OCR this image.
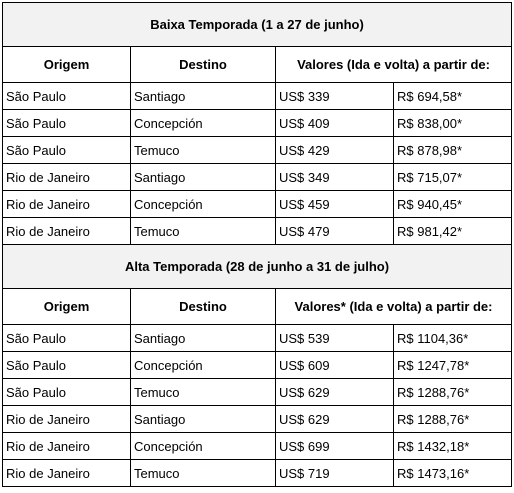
Baixa Temporada (1 a 27 de junho)			
Origem	Destino	Valores (Ida e volta) a partir de:	
São Paulo	Santiago	US$ 339	R$ 694,58*
São Paulo	Concepción	US$ 409	R$ 838,00*
São Paulo	Temuco	US$ 429	R$ 878,98*
Rio de Janeiro	Santiago	US$ 349	R$ 715,07*
Rio de Janeiro	Concepción	US$ 459	R$ 940,45*
Rio de Janeiro	Temuco	US$ 479	R$ 981,42*
Alta Temporada (28 de junho a 31 de julho)			
Origem	Destino	Valores* (Ida e volta) a partir de:	
São Paulo	Santiago	US$ 539	R$ 1104,36*
São Paulo	Concepción	US$ 609	R$ 1247,78*
São Paulo	Temuco	US$ 629	R$ 1288,76*
Rio de Janeiro	Santiago	US$ 629	R$ 1288,76*
Rio de Janeiro	Concepción	US$ 699	R$ 1432,18*
Rio de Janeiro	Temuco	US$ 719	R$ 1473,16*
